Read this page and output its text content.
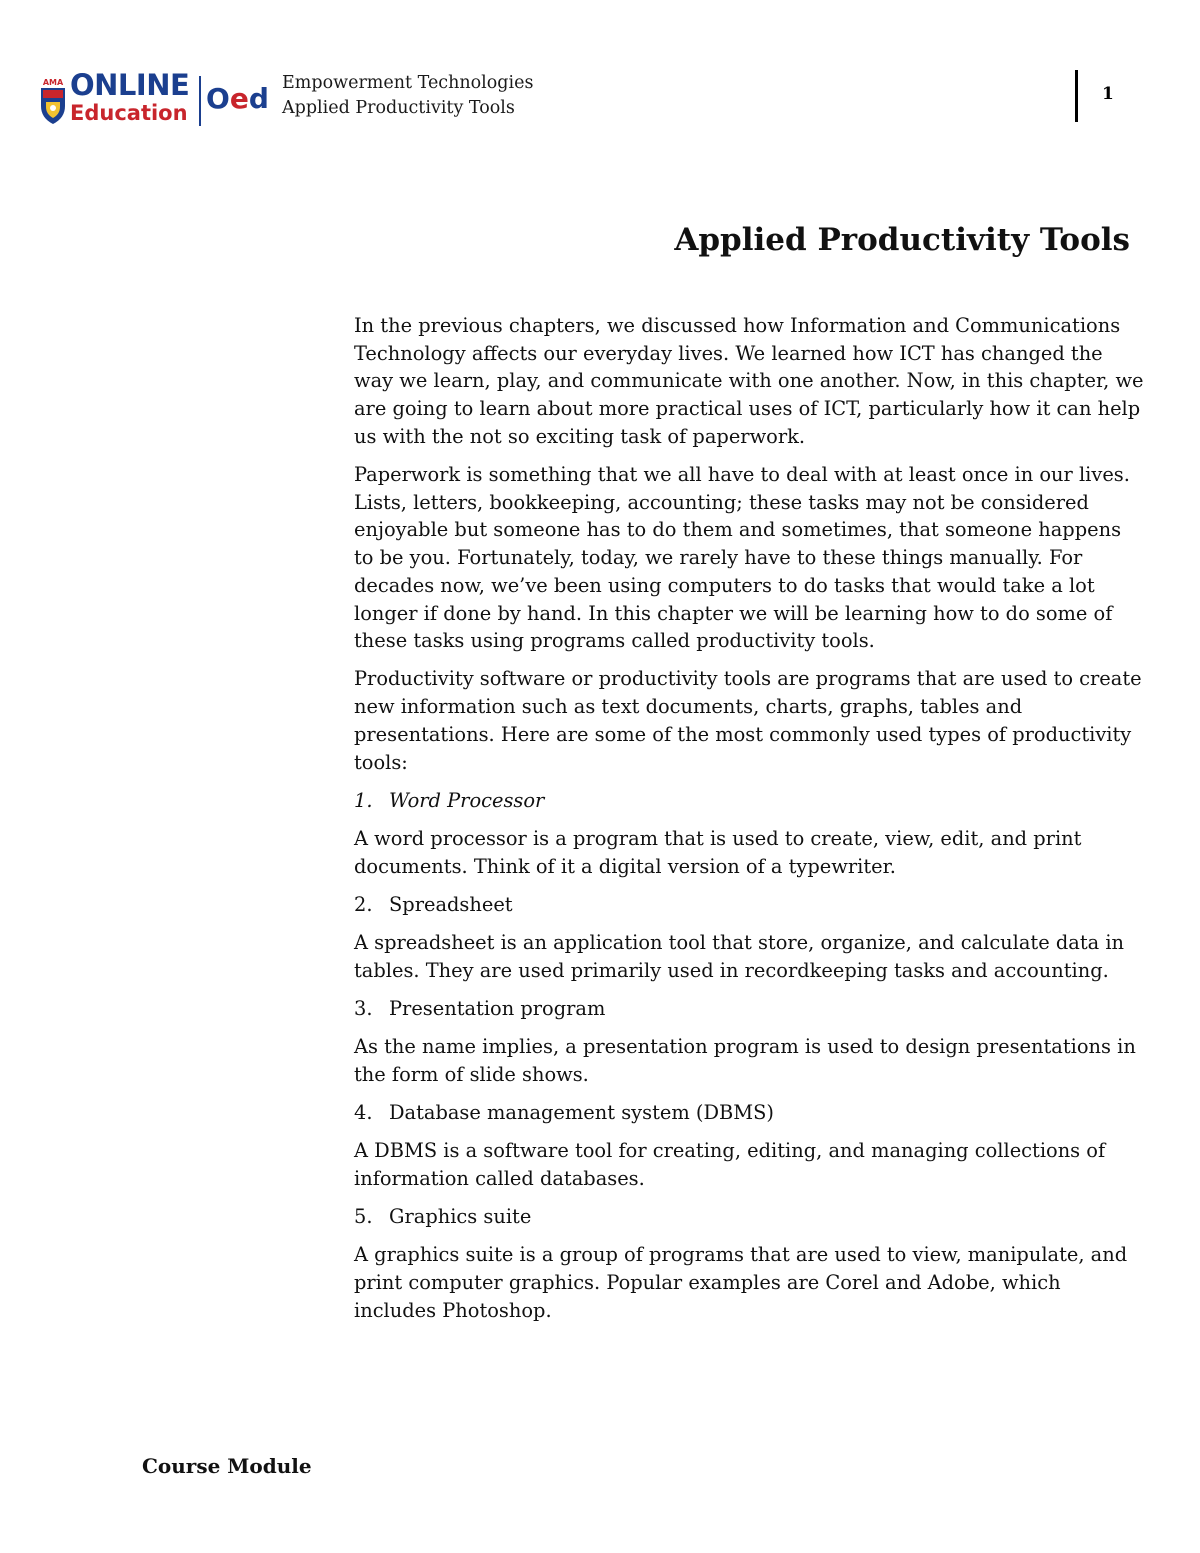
AMA ONLINE
Education Oed Empowerment Technologies
Applied Productivity Tools
1
Applied Productivity Tools

In the previous chapters, we discussed how Information and Communications Technology affects our everyday lives. We learned how ICT has changed the way we learn, play, and communicate with one another. Now, in this chapter, we are going to learn about more practical uses of ICT, particularly how it can help us with the not so exciting task of paperwork.

Paperwork is something that we all have to deal with at least once in our lives. Lists, letters, bookkeeping, accounting; these tasks may not be considered enjoyable but someone has to do them and sometimes, that someone happens to be you. Fortunately, today, we rarely have to these things manually. For decades now, we’ve been using computers to do tasks that would take a lot longer if done by hand. In this chapter we will be learning how to do some of these tasks using programs called productivity tools.

Productivity software or productivity tools are programs that are used to create new information such as text documents, charts, graphs, tables and presentations. Here are some of the most commonly used types of productivity tools:

1. Word Processor

A word processor is a program that is used to create, view, edit, and print documents. Think of it a digital version of a typewriter.

2. Spreadsheet

A spreadsheet is an application tool that store, organize, and calculate data in tables. They are used primarily used in recordkeeping tasks and accounting.

3. Presentation program

As the name implies, a presentation program is used to design presentations in the form of slide shows.

4. Database management system (DBMS)

A DBMS is a software tool for creating, editing, and managing collections of information called databases.

5. Graphics suite

A graphics suite is a group of programs that are used to view, manipulate, and print computer graphics. Popular examples are Corel and Adobe, which includes Photoshop.

Course Module
